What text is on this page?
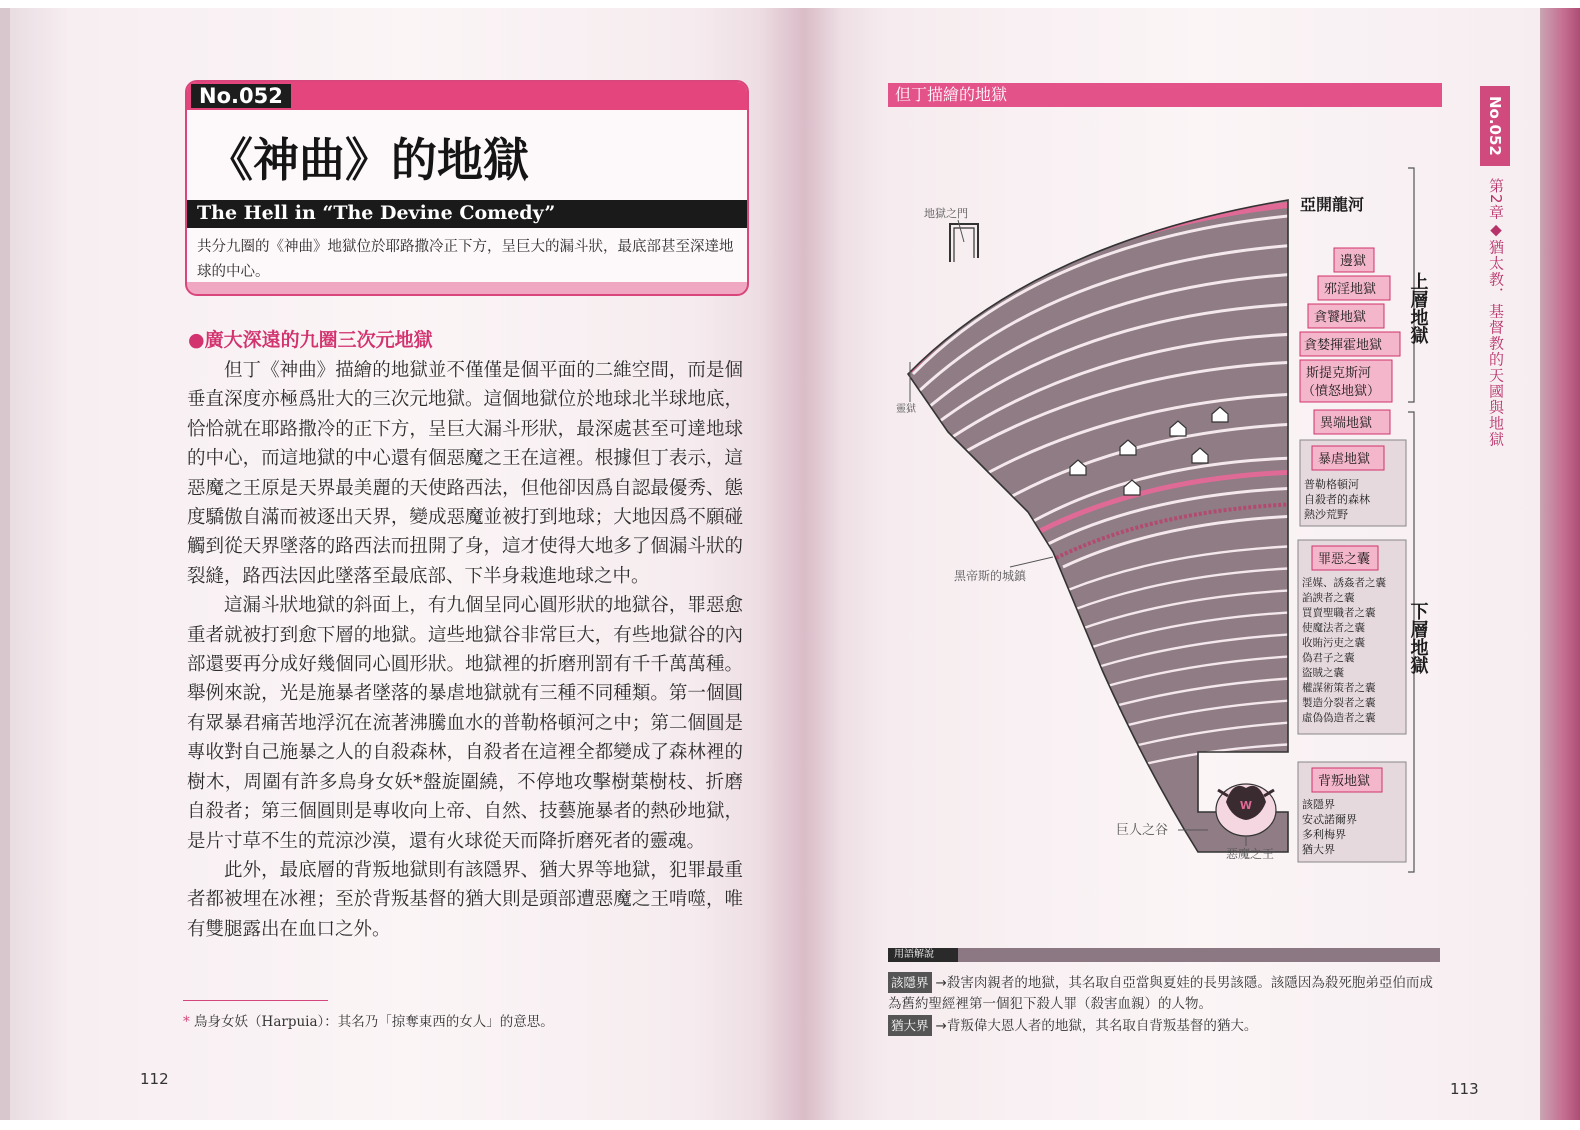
No.052
《神曲》的地獄
The Hell in “The Devine Comedy”
共分九圈的《神曲》地獄位於耶路撒冷正下方，呈巨大的漏斗狀，最底部甚至深達地球的中心。
●廣大深遠的九圈三次元地獄

但丁《神曲》描繪的地獄並不僅僅是個平面的二維空間，而是個垂直深度亦極爲壯大的三次元地獄。這個地獄位於地球北半球地底，恰恰就在耶路撒冷的正下方，呈巨大漏斗形狀，最深處甚至可達地球的中心，而這地獄的中心還有個惡魔之王在這裡。根據但丁表示，這惡魔之王原是天界最美麗的天使路西法，但他卻因爲自認最優秀、態度驕傲自滿而被逐出天界，變成惡魔並被打到地球；大地因爲不願碰觸到從天界墜落的路西法而扭開了身，這才使得大地多了個漏斗狀的裂縫，路西法因此墜落至最底部、下半身栽進地球之中。

這漏斗狀地獄的斜面上，有九個呈同心圓形狀的地獄谷，罪惡愈重者就被打到愈下層的地獄。這些地獄谷非常巨大，有些地獄谷的內部還要再分成好幾個同心圓形狀。地獄裡的折磨刑罰有千千萬萬種。舉例來說，光是施暴者墜落的暴虐地獄就有三種不同種類。第一個圓有眾暴君痛苦地浮沉在流著沸騰血水的普勒格頓河之中；第二個圓是專收對自己施暴之人的自殺森林，自殺者在這裡全都變成了森林裡的樹木，周圍有許多鳥身女妖*盤旋圍繞，不停地攻擊樹葉樹枝、折磨自殺者；第三個圓則是專收向上帝、自然、技藝施暴者的熱砂地獄，是片寸草不生的荒涼沙漠，還有火球從天而降折磨死者的靈魂。

此外，最底層的背叛地獄則有該隱界、猶大界等地獄，犯罪最重者都被埋在冰裡；至於背叛基督的猶大則是頭部遭惡魔之王啃噬，唯有雙腿露出在血口之外。

* 鳥身女妖（Harpuia）：其名乃「掠奪東西的女人」的意思。
112
但丁描繪的地獄
No.052
第2章◆猶太教．基督教的天國與地獄
W
地獄之門
靈獄
黑帝斯的城鎮
巨人之谷
惡魔之王
亞開龍河
邊獄
邪淫地獄
貪饕地獄
貪婪揮霍地獄
斯提克斯河
（憤怒地獄）
異端地獄
上層地獄
暴虐地獄
普勒格頓河
自殺者的森林
熱沙荒野
罪惡之囊
淫媒、誘姦者之囊
諂諛者之囊
買賣聖職者之囊
使魔法者之囊
收賄污吏之囊
偽君子之囊
盜賊之囊
權謀術策者之囊
製造分裂者之囊
虛偽偽造者之囊
下層地獄
背叛地獄
該隱界
安忒諾爾界
多利梅界
猶大界
用語解說

該隱界 →殺害肉親者的地獄，其名取自亞當與夏娃的長男該隱。該隱因為殺死胞弟亞伯而成為舊約聖經裡第一個犯下殺人罪（殺害血親）的人物。

猶大界 →背叛偉大恩人者的地獄，其名取自背叛基督的猶大。

113
